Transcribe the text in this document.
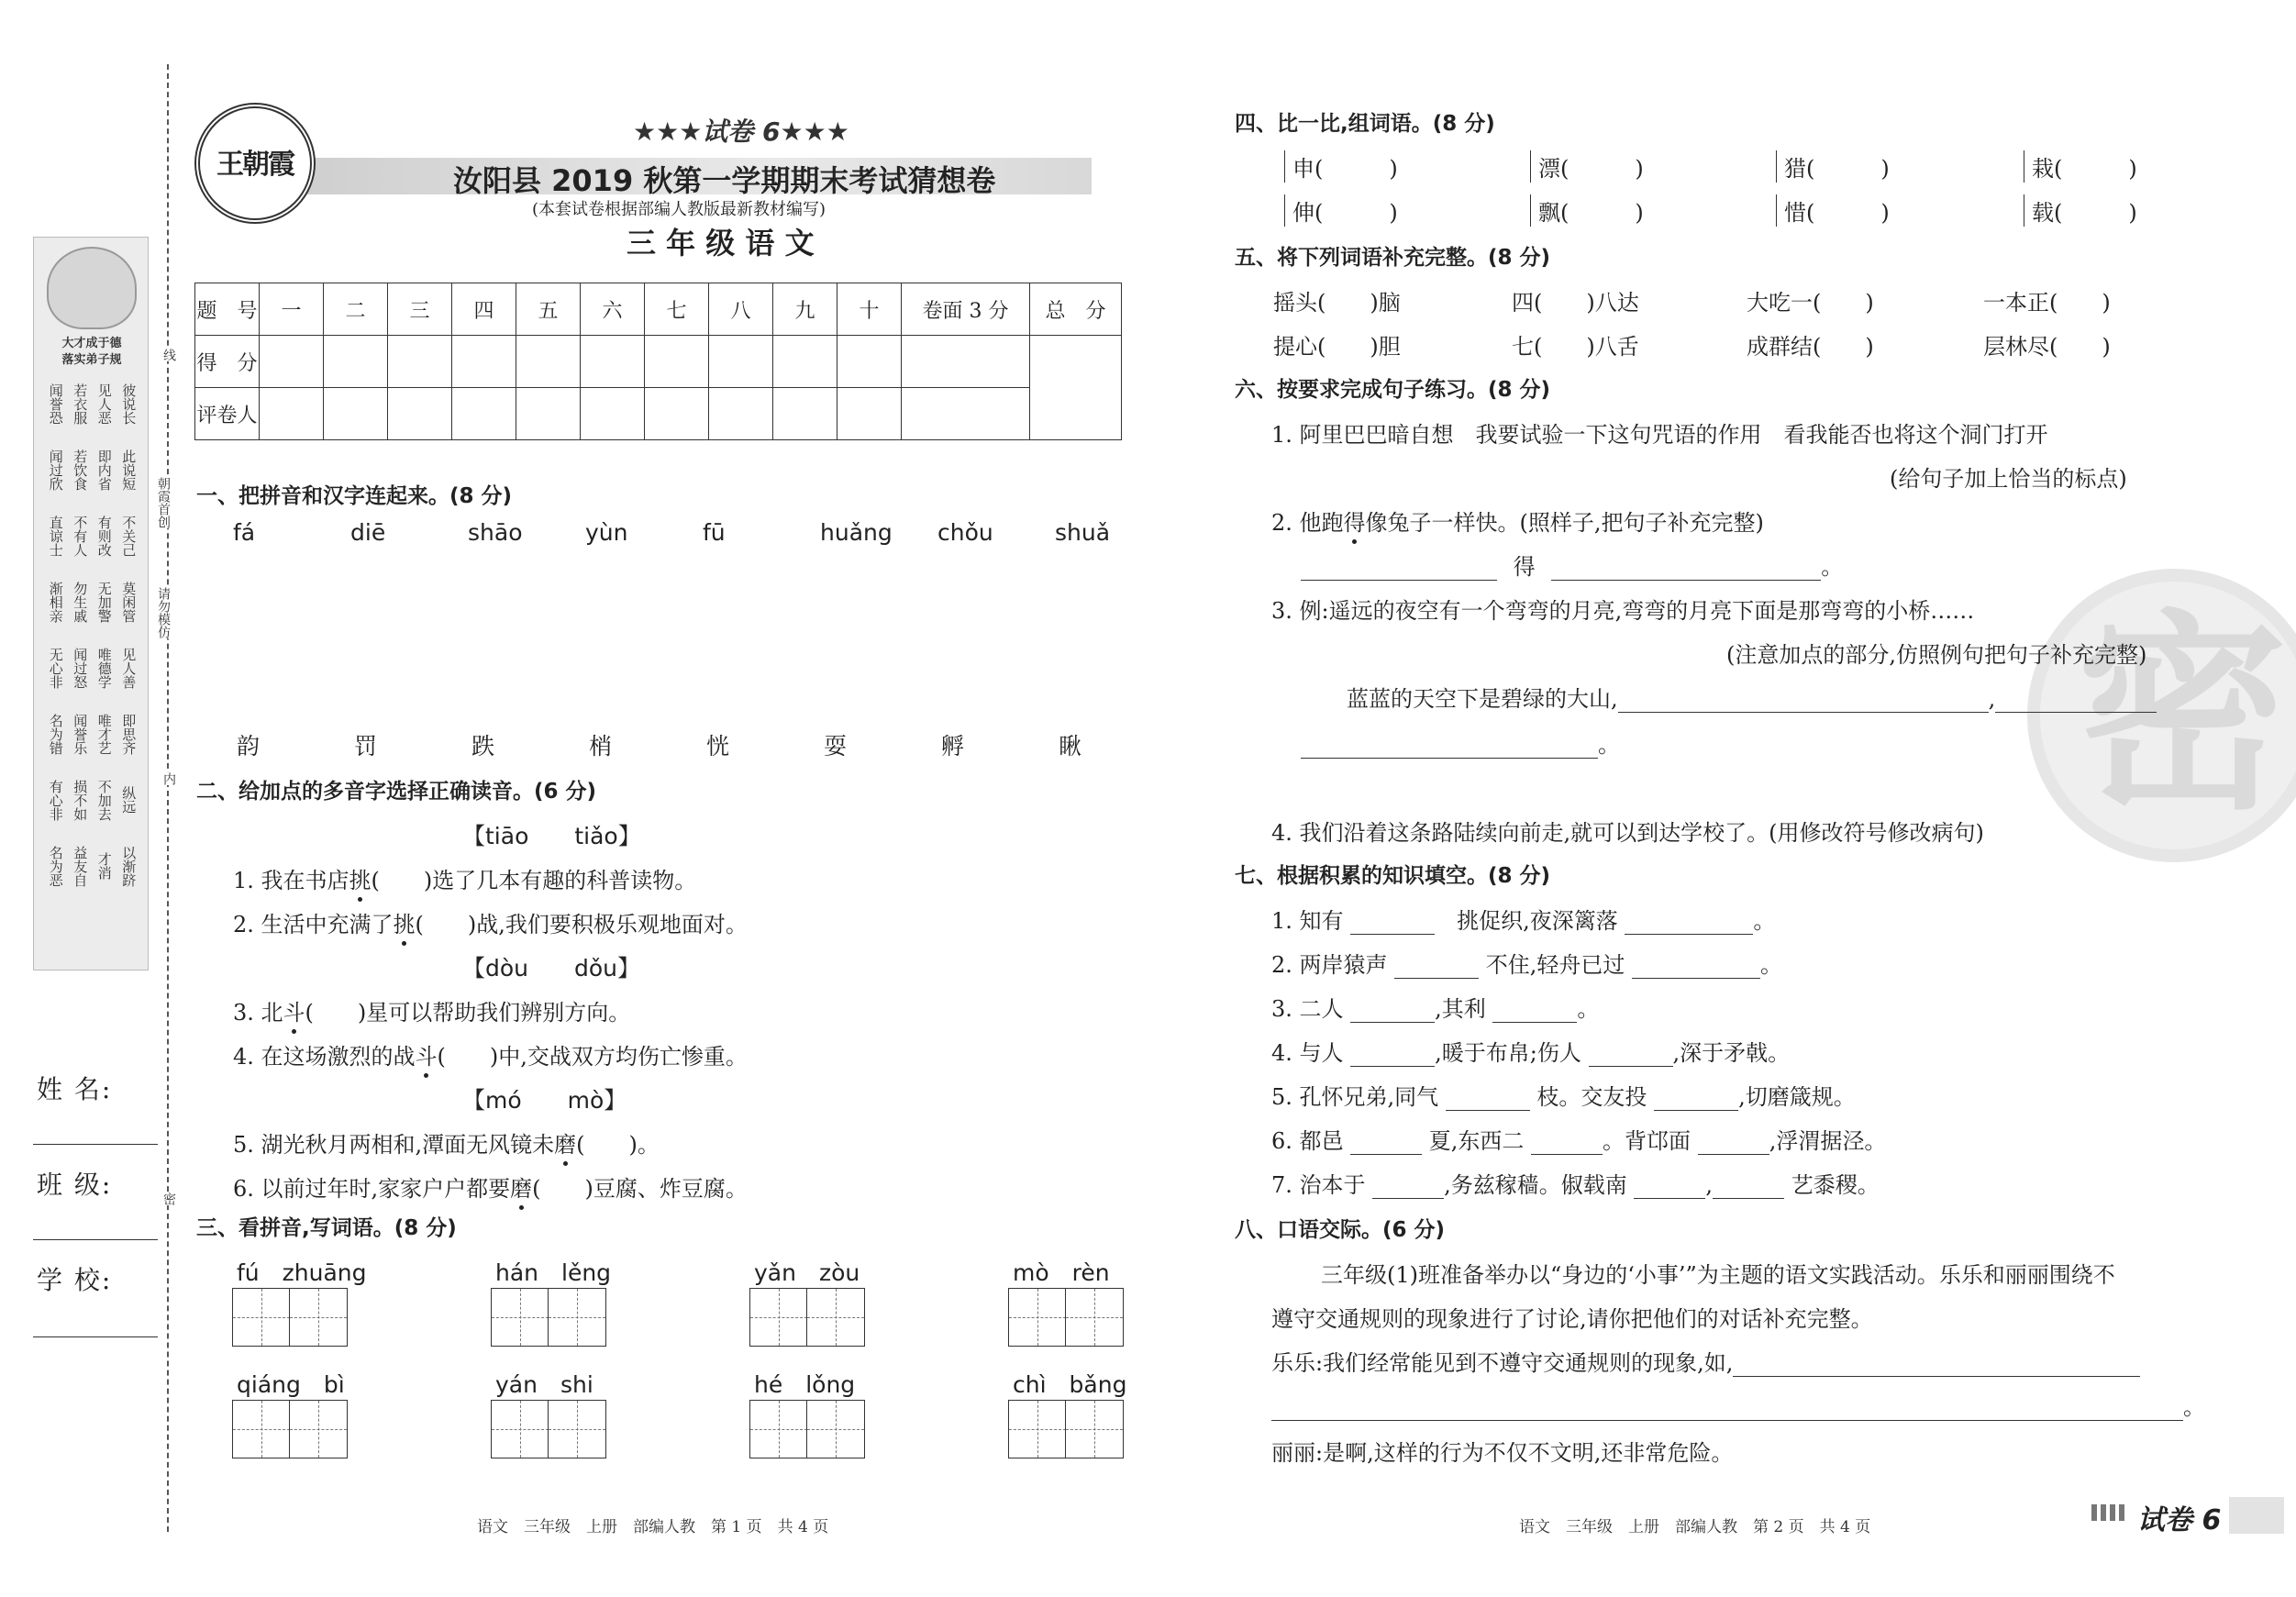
大才成于德
落实弟子规
闻誉恐 若衣服 见人恶 彼说长
闻过欣 若饮食 即内省 此说短
直谅士 不有人 有则改 不关己
渐相亲 勿生戚 无加警 莫闲管
无心非 闻过怒 唯德学 见人善
名为错 闻誉乐 唯才艺 即思齐
有心非 损不如 不加去 纵远
名为恶 益友自 才消 以渐跻
线
朝霞首创
请勿模仿
内
密
姓 名:
班 级:
学 校:
王朝霞
★★★试卷 6★★★
汝阳县 2019 秋第一学期期末考试猜想卷
(本套试卷根据部编人教版最新教材编写)
三 年 级 语 文
题　号	一	二	三	四	五	六	七	八	九	十	卷面 3 分	总　分
得　分												
评卷人												
一、把拼音和汉字连起来。(8 分)
二、给加点的多音字选择正确读音。(6 分)
三、看拼音,写词语。(8 分)
语文　三年级　上册　部编人教　第 1 页　共 4 页
密
四、比一比,组词语。(8 分)
五、将下列词语补充完整。(8 分)
六、按要求完成句子练习。(8 分)
1. 阿里巴巴暗自想　我要试验一下这句咒语的作用　看我能否也将这个洞门打开
(给句子加上恰当的标点)
2. 他跑得像兔子一样快。(照样子,把句子补充完整)
得	。
3. 例:遥远的夜空有一个弯弯的月亮,弯弯的月亮下面是那弯弯的小桥……
(注意加点的部分,仿照例句把句子补充完整)
蓝蓝的天空下是碧绿的大山,	,
。
4. 我们沿着这条路陆续向前走,就可以到达学校了。(用修改符号修改病句)
七、根据积累的知识填空。(8 分)
八、口语交际。(6 分)
三年级(1)班准备举办以“身边的‘小事’”为主题的语文实践活动。乐乐和丽丽围绕不
遵守交通规则的现象进行了讨论,请你把他们的对话补充完整。
乐乐:我们经常能见到不遵守交通规则的现象,如,
。
丽丽:是啊,这样的行为不仅不文明,还非常危险。
语文　三年级　上册　部编人教　第 2 页　共 4 页	试卷 6
fá	diē	shāo	yùn	fū	huǎng chǒu	shuǎ
韵	罚	跌	梢	恍	耍	孵	瞅
【tiāo　　tiǎo】
1. 我在书店挑(　　)选了几本有趣的科普读物。
2. 生活中充满了挑(　　)战,我们要积极乐观地面对。
【dòu　　dǒu】
3. 北斗(　　)星可以帮助我们辨别方向。
4. 在这场激烈的战斗(　　)中,交战双方均伤亡惨重。
【mó　　mò】
5. 湖光秋月两相和,潭面无风镜未磨(　　)。
6. 以前过年时,家家户户都要磨(　　)豆腐、炸豆腐。
fú　zhuāng	hán　lěng	yǎn　zòu	mò　rèn
qiáng　bì	yán　shi	hé　lǒng	chì　bǎng
申(　　　)	漂(　　　)	猎(　　　)	栽(　　　)
伸(　　　)	飘(　　　)	惜(　　　)	载(　　　)
摇头(　　)脑	四(　　)八达	大吃一(　　)	一本正(　　)
提心(　　)胆	七(　　)八舌	成群结(　　)	层林尽(　　)
1. 知有	　挑促织,夜深篱落	。
2. 两岸猿声	不住,轻舟已过	。
3. 二人	,其利	。
4. 与人	,暖于布帛;伤人	,深于矛戟。
5. 孔怀兄弟,同气	枝。交友投	,切磨箴规。
6. 都邑	夏,东西二	。背邙面	,浮渭据泾。
7. 治本于	,务兹稼穑。俶载南	,	艺黍稷。
